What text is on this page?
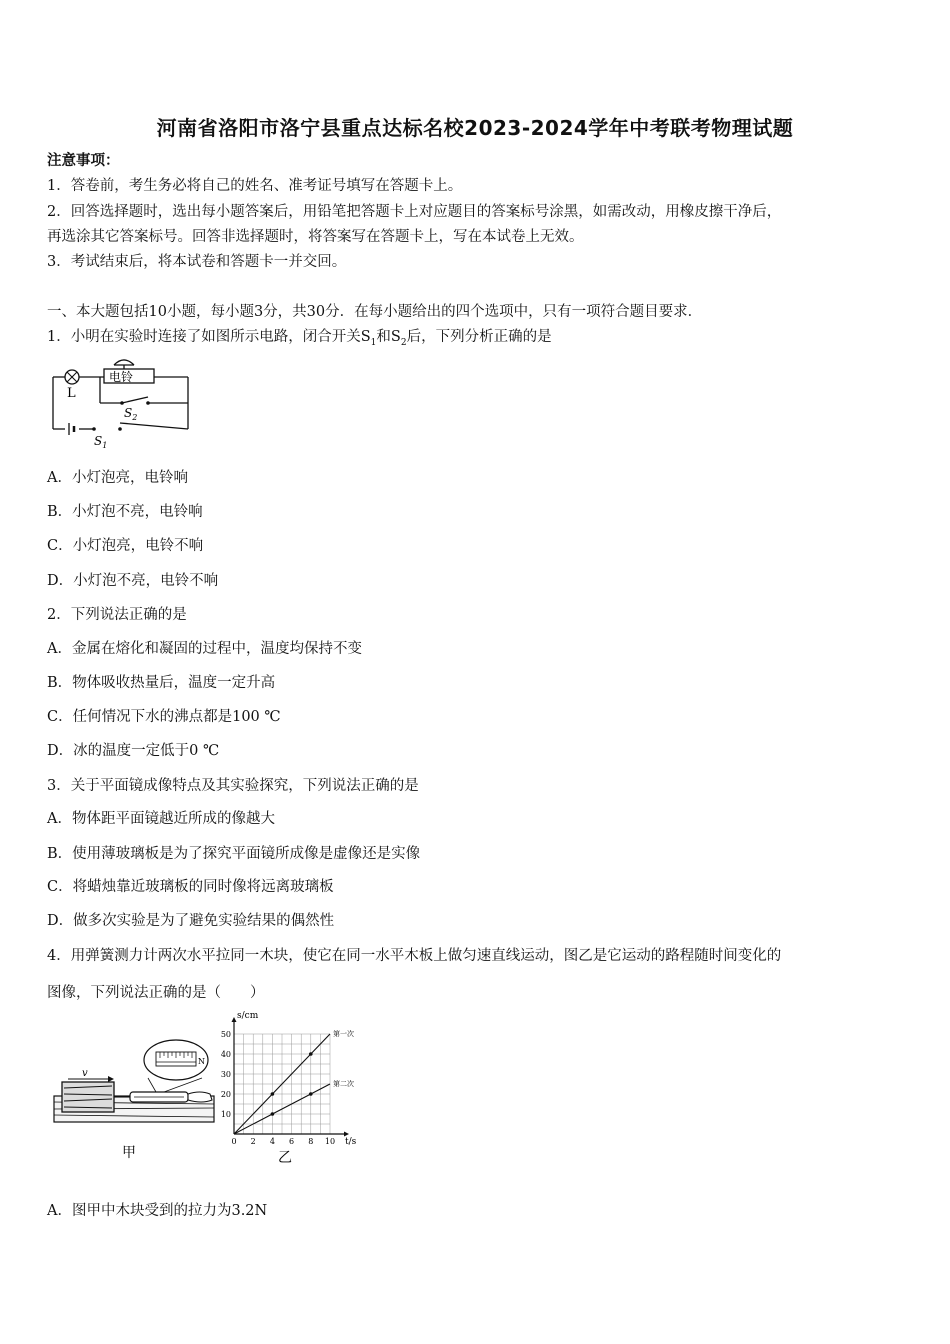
河南省洛阳市洛宁县重点达标名校2023-2024学年中考联考物理试题
注意事项：
1．答卷前，考生务必将自己的姓名、准考证号填写在答题卡上。
2．回答选择题时，选出每小题答案后，用铅笔把答题卡上对应题目的答案标号涂黑，如需改动，用橡皮擦干净后，
再选涂其它答案标号。回答非选择题时，将答案写在答题卡上，写在本试卷上无效。
3．考试结束后，将本试卷和答题卡一并交回。
一、本大题包括10小题，每小题3分，共30分．在每小题给出的四个选项中，只有一项符合题目要求．
1．小明在实验时连接了如图所示电路，闭合开关$S_1$和$S_2$后，下列分析正确的是
L
电铃
$S_2$
$S_1$
A．小灯泡亮，电铃响
B．小灯泡不亮，电铃响
C．小灯泡亮，电铃不响
D．小灯泡不亮，电铃不响
2．下列说法正确的是
A．金属在熔化和凝固的过程中，温度均保持不变
B．物体吸收热量后，温度一定升高
C．任何情况下水的沸点都是100 ℃
D．冰的温度一定低于0 ℃
3．关于平面镜成像特点及其实验探究，下列说法正确的是
A．物体距平面镜越近所成的像越大
B．使用薄玻璃板是为了探究平面镜所成像是虚像还是实像
C．将蜡烛靠近玻璃板的同时像将远离玻璃板
D．做多次实验是为了避免实验结果的偶然性
4．用弹簧测力计两次水平拉同一木块，使它在同一水平木板上做匀速直线运动，图乙是它运动的路程随时间变化的
图像，下列说法正确的是（　　）
v
N
甲
0 2 4 6 8 10
10
20
30
40
50	第一次
第二次
s/cm
t/s
乙
A．图甲中木块受到的拉力为3.2N
